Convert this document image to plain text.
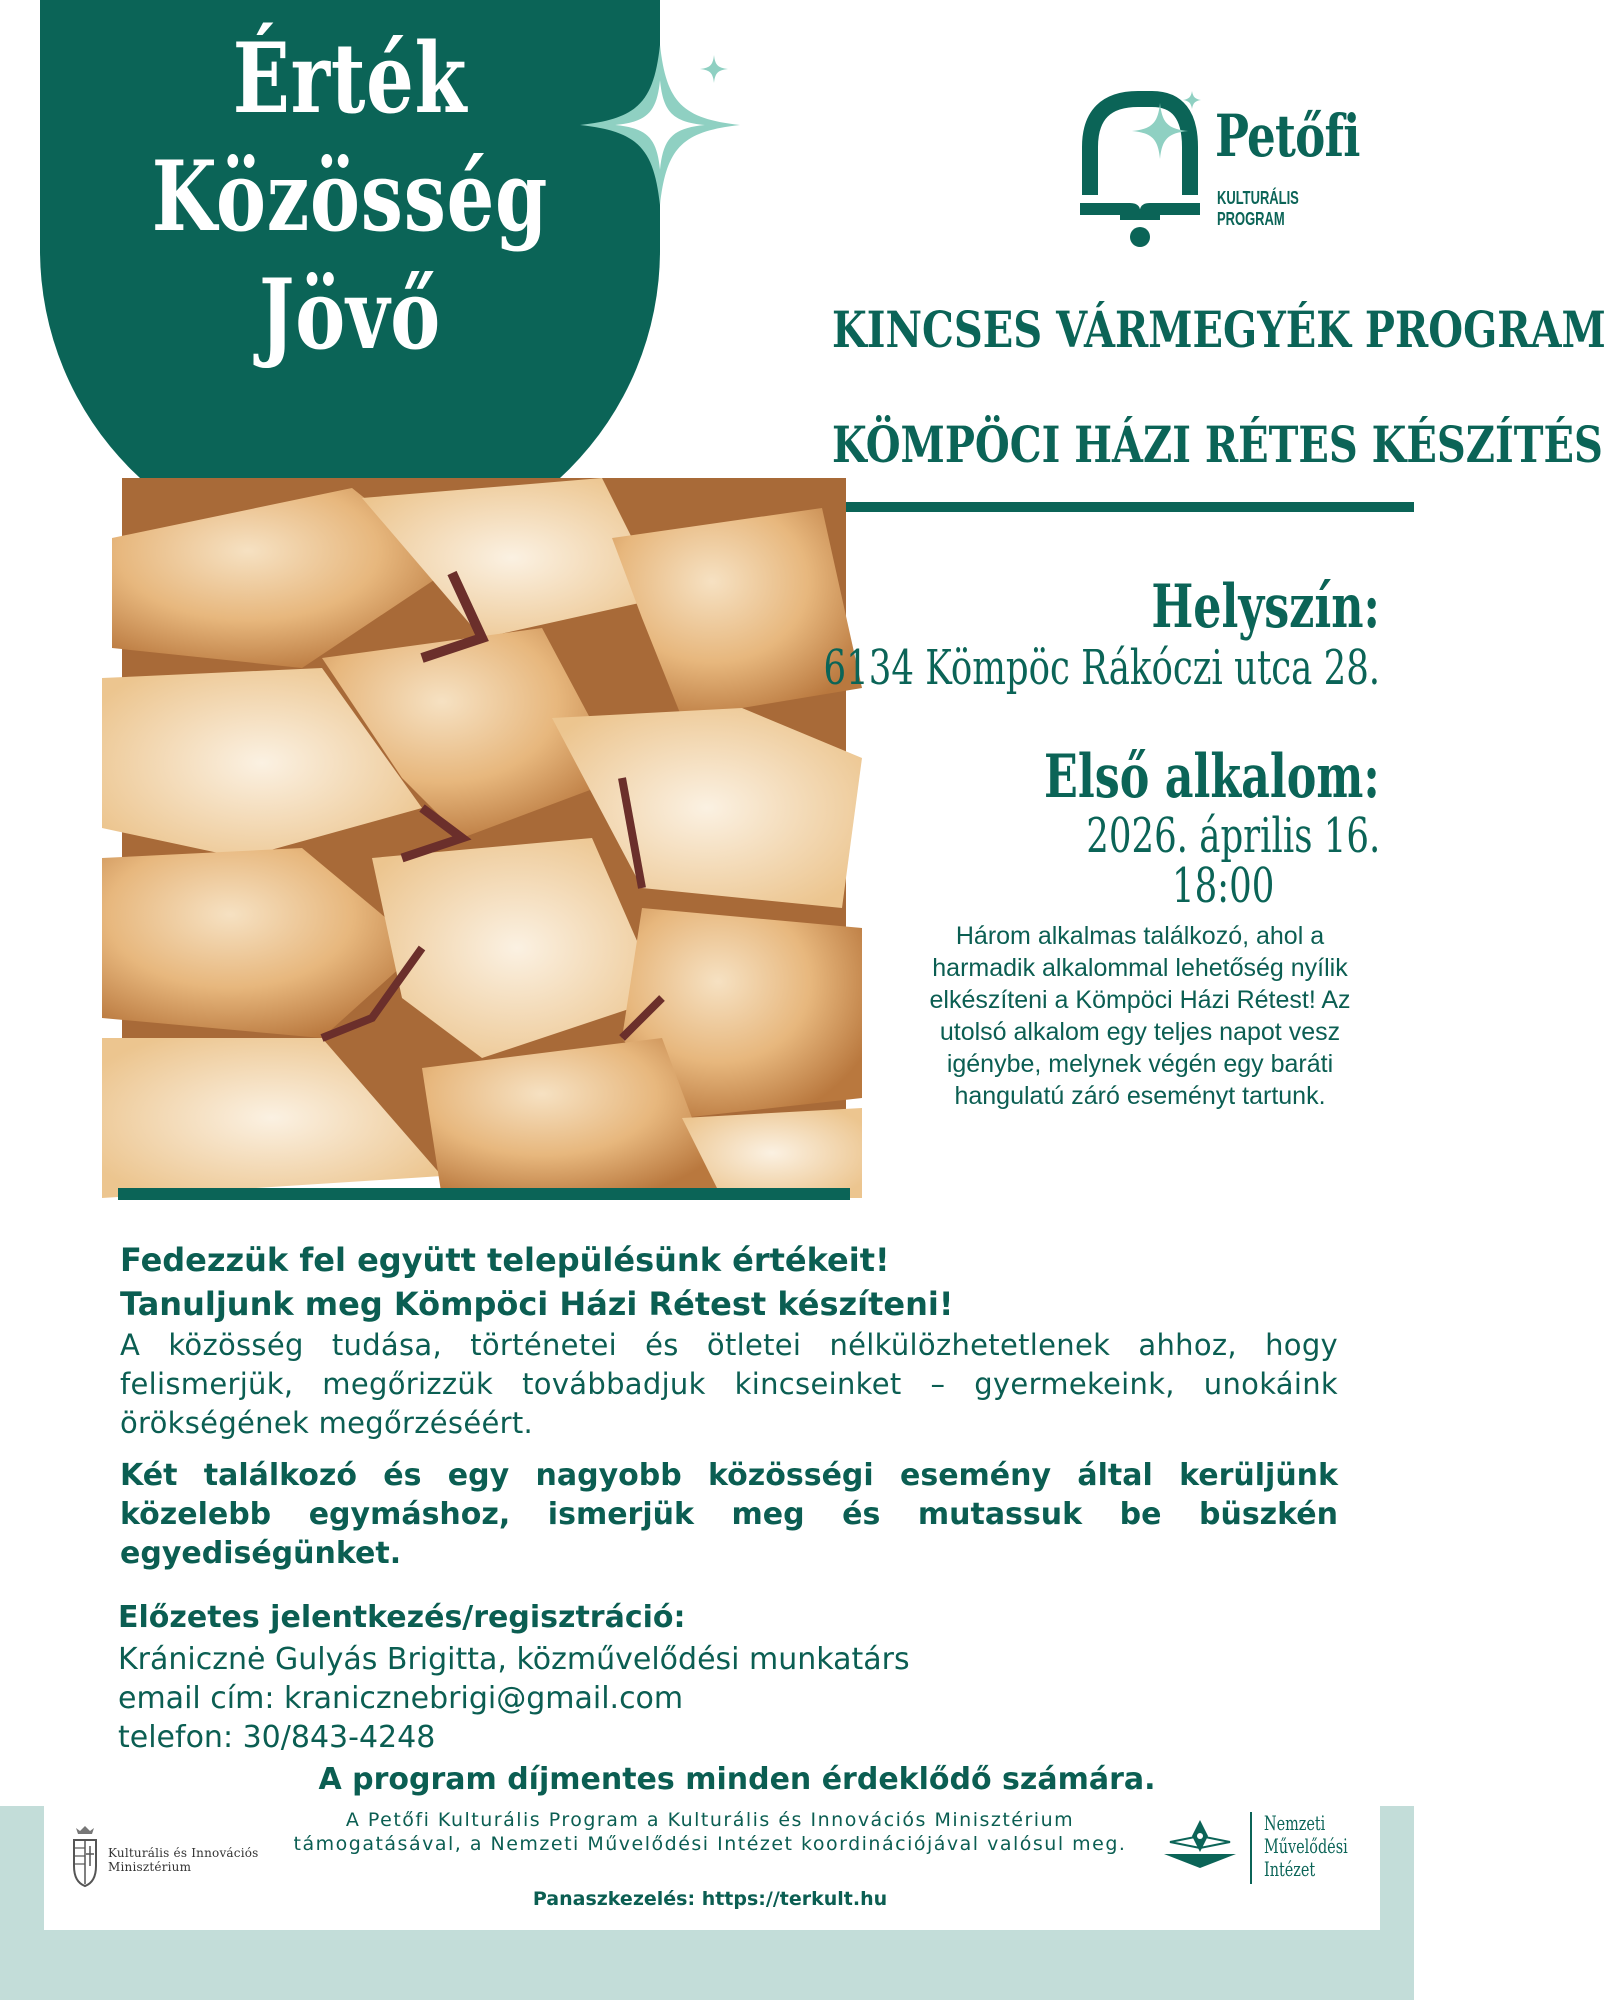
Érték
Közösség
Jövő
Petőfi
KULTURÁLIS PROGRAM
KINCSES VÁRMEGYÉK PROGRAM
KÖMPÖCI HÁZI RÉTES KÉSZÍTÉS
Helyszín:
6134 Kömpöc Rákóczi utca 28.
Első alkalom:
2026. április 16.
18:00
Három alkalmas találkozó, ahol a harmadik alkalommal lehetőség nyílik elkészíteni a Kömpöci Házi Rétest! Az utolsó alkalom egy teljes napot vesz igénybe, melynek végén egy baráti hangulatú záró eseményt tartunk.
Fedezzük fel együtt településünk értékeit!
Tanuljunk meg Kömpöci Házi Rétest készíteni!
A közösség tudása, történetei és ötletei nélkülözhetetlenek ahhoz, hogy felismerjük, megőrizzük továbbadjuk kincseinket – gyermekeink, unokáink örökségének megőrzéséért.
Két találkozó és egy nagyobb közösségi esemény által kerüljünk közelebb egymáshoz, ismerjük meg és mutassuk be büszkén egyediségünket.
Előzetes jelentkezés/regisztráció:
Kránicznė Gulyás Brigitta, közművelődési munkatárs
email cím: kranicznebrigi@gmail.com
telefon: 30/843-4248
A program díjmentes minden érdeklődő számára.
Kulturális és Innovációs Minisztérium
A Petőfi Kulturális Program a Kulturális és Innovációs Minisztérium támogatásával, a Nemzeti Művelődési Intézet koordinációjával valósul meg.
Panaszkezelés: https://terkult.hu
Nemzeti
Művelődési
Intézet
